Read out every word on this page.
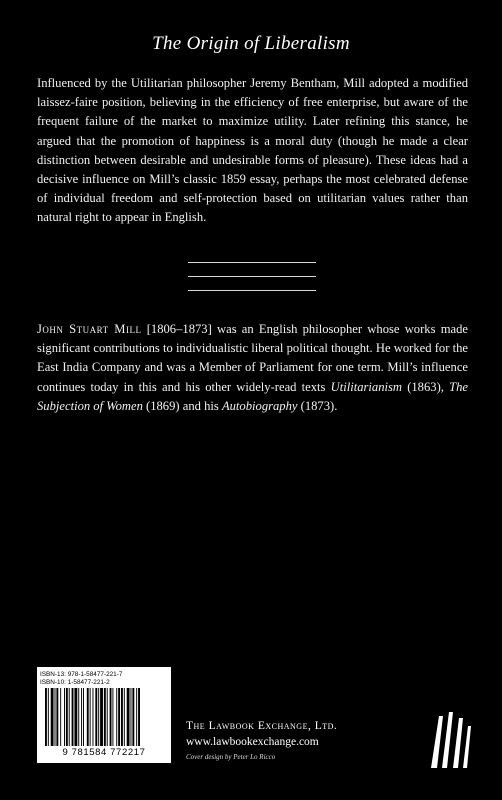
The Origin of Liberalism
Influenced by the Utilitarian philosopher Jeremy Bentham, Mill adopted a modified laissez-faire position, believing in the efficiency of free enterprise, but aware of the frequent failure of the market to maximize utility. Later refining this stance, he argued that the promotion of happiness is a moral duty (though he made a clear distinction between desirable and undesirable forms of pleasure). These ideas had a decisive influence on Mill’s classic 1859 essay, perhaps the most celebrated defense of individual freedom and self-protection based on utilitarian values rather than natural right to appear in English.
John Stuart Mill [1806–1873] was an English philosopher whose works made significant contributions to individualistic liberal political thought. He worked for the East India Company and was a Member of Parliament for one term. Mill’s influence continues today in this and his other widely-read texts Utilitarianism (1863), The Subjection of Women (1869) and his Autobiography (1873).
ISBN-13: 978-1-58477-221-7
ISBN-10: 1-58477-221-2
9 781584 772217
The Lawbook Exchange, Ltd.
www.lawbookexchange.com
Cover design by Peter Lo Ricco
